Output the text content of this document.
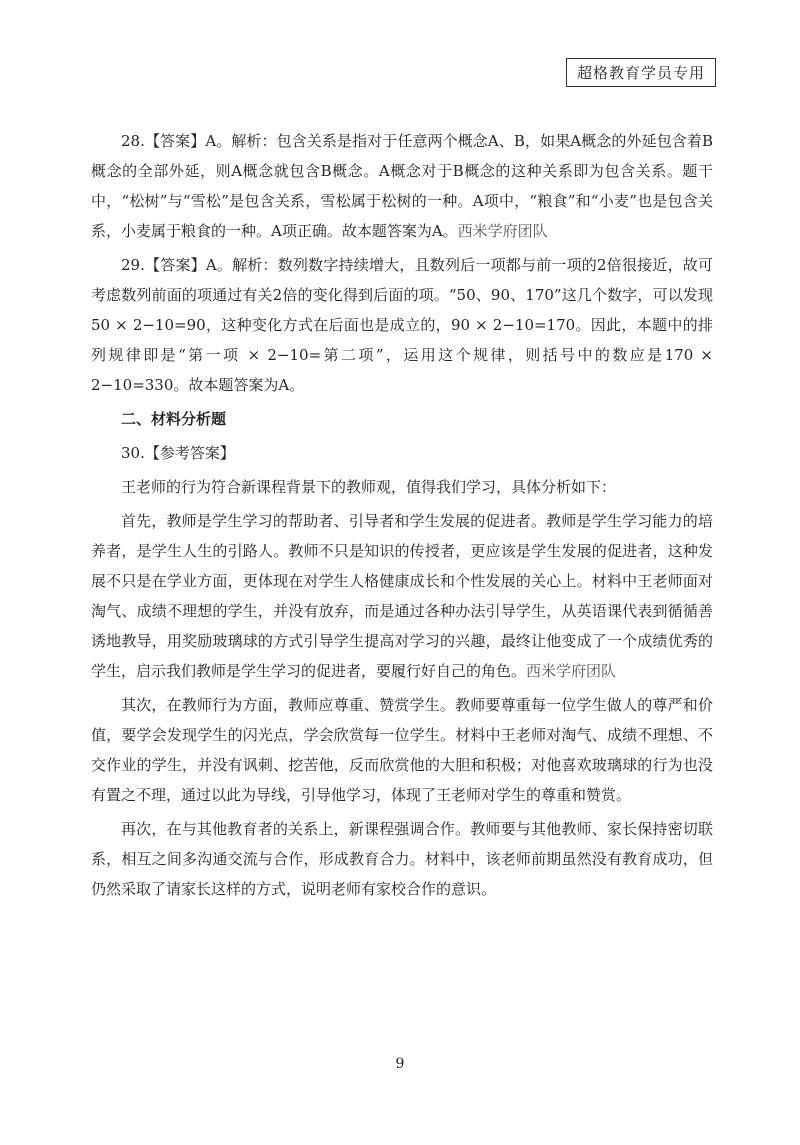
超格教育学员专用

28.【答案】A。解析：包含关系是指对于任意两个概念A、B，如果A概念的外延包含着B概念的全部外延，则A概念就包含B概念。A概念对于B概念的这种关系即为包含关系。题干中，“松树”与“雪松”是包含关系，雪松属于松树的一种。A项中，“粮食”和“小麦”也是包含关系，小麦属于粮食的一种。A项正确。故本题答案为A。西米学府团队

29.【答案】A。解析：数列数字持续增大，且数列后一项都与前一项的2倍很接近，故可考虑数列前面的项通过有关2倍的变化得到后面的项。“50、90、170”这几个数字，可以发现50 × 2−10=90，这种变化方式在后面也是成立的，90 × 2−10=170。因此，本题中的排列规律即是“第一项 × 2−10=第二项”，运用这个规律，则括号中的数应是170 × 2−10=330。故本题答案为A。

二、材料分析题

30.【参考答案】

王老师的行为符合新课程背景下的教师观，值得我们学习，具体分析如下：

首先，教师是学生学习的帮助者、引导者和学生发展的促进者。教师是学生学习能力的培养者，是学生人生的引路人。教师不只是知识的传授者，更应该是学生发展的促进者，这种发展不只是在学业方面，更体现在对学生人格健康成长和个性发展的关心上。材料中王老师面对淘气、成绩不理想的学生，并没有放弃，而是通过各种办法引导学生，从英语课代表到循循善诱地教导，用奖励玻璃球的方式引导学生提高对学习的兴趣，最终让他变成了一个成绩优秀的学生，启示我们教师是学生学习的促进者，要履行好自己的角色。西米学府团队

其次，在教师行为方面，教师应尊重、赞赏学生。教师要尊重每一位学生做人的尊严和价值，要学会发现学生的闪光点，学会欣赏每一位学生。材料中王老师对淘气、成绩不理想、不交作业的学生，并没有讽刺、挖苦他，反而欣赏他的大胆和积极；对他喜欢玻璃球的行为也没有置之不理，通过以此为导线，引导他学习，体现了王老师对学生的尊重和赞赏。

再次，在与其他教育者的关系上，新课程强调合作。教师要与其他教师、家长保持密切联系，相互之间多沟通交流与合作，形成教育合力。材料中，该老师前期虽然没有教育成功，但仍然采取了请家长这样的方式，说明老师有家校合作的意识。

9
